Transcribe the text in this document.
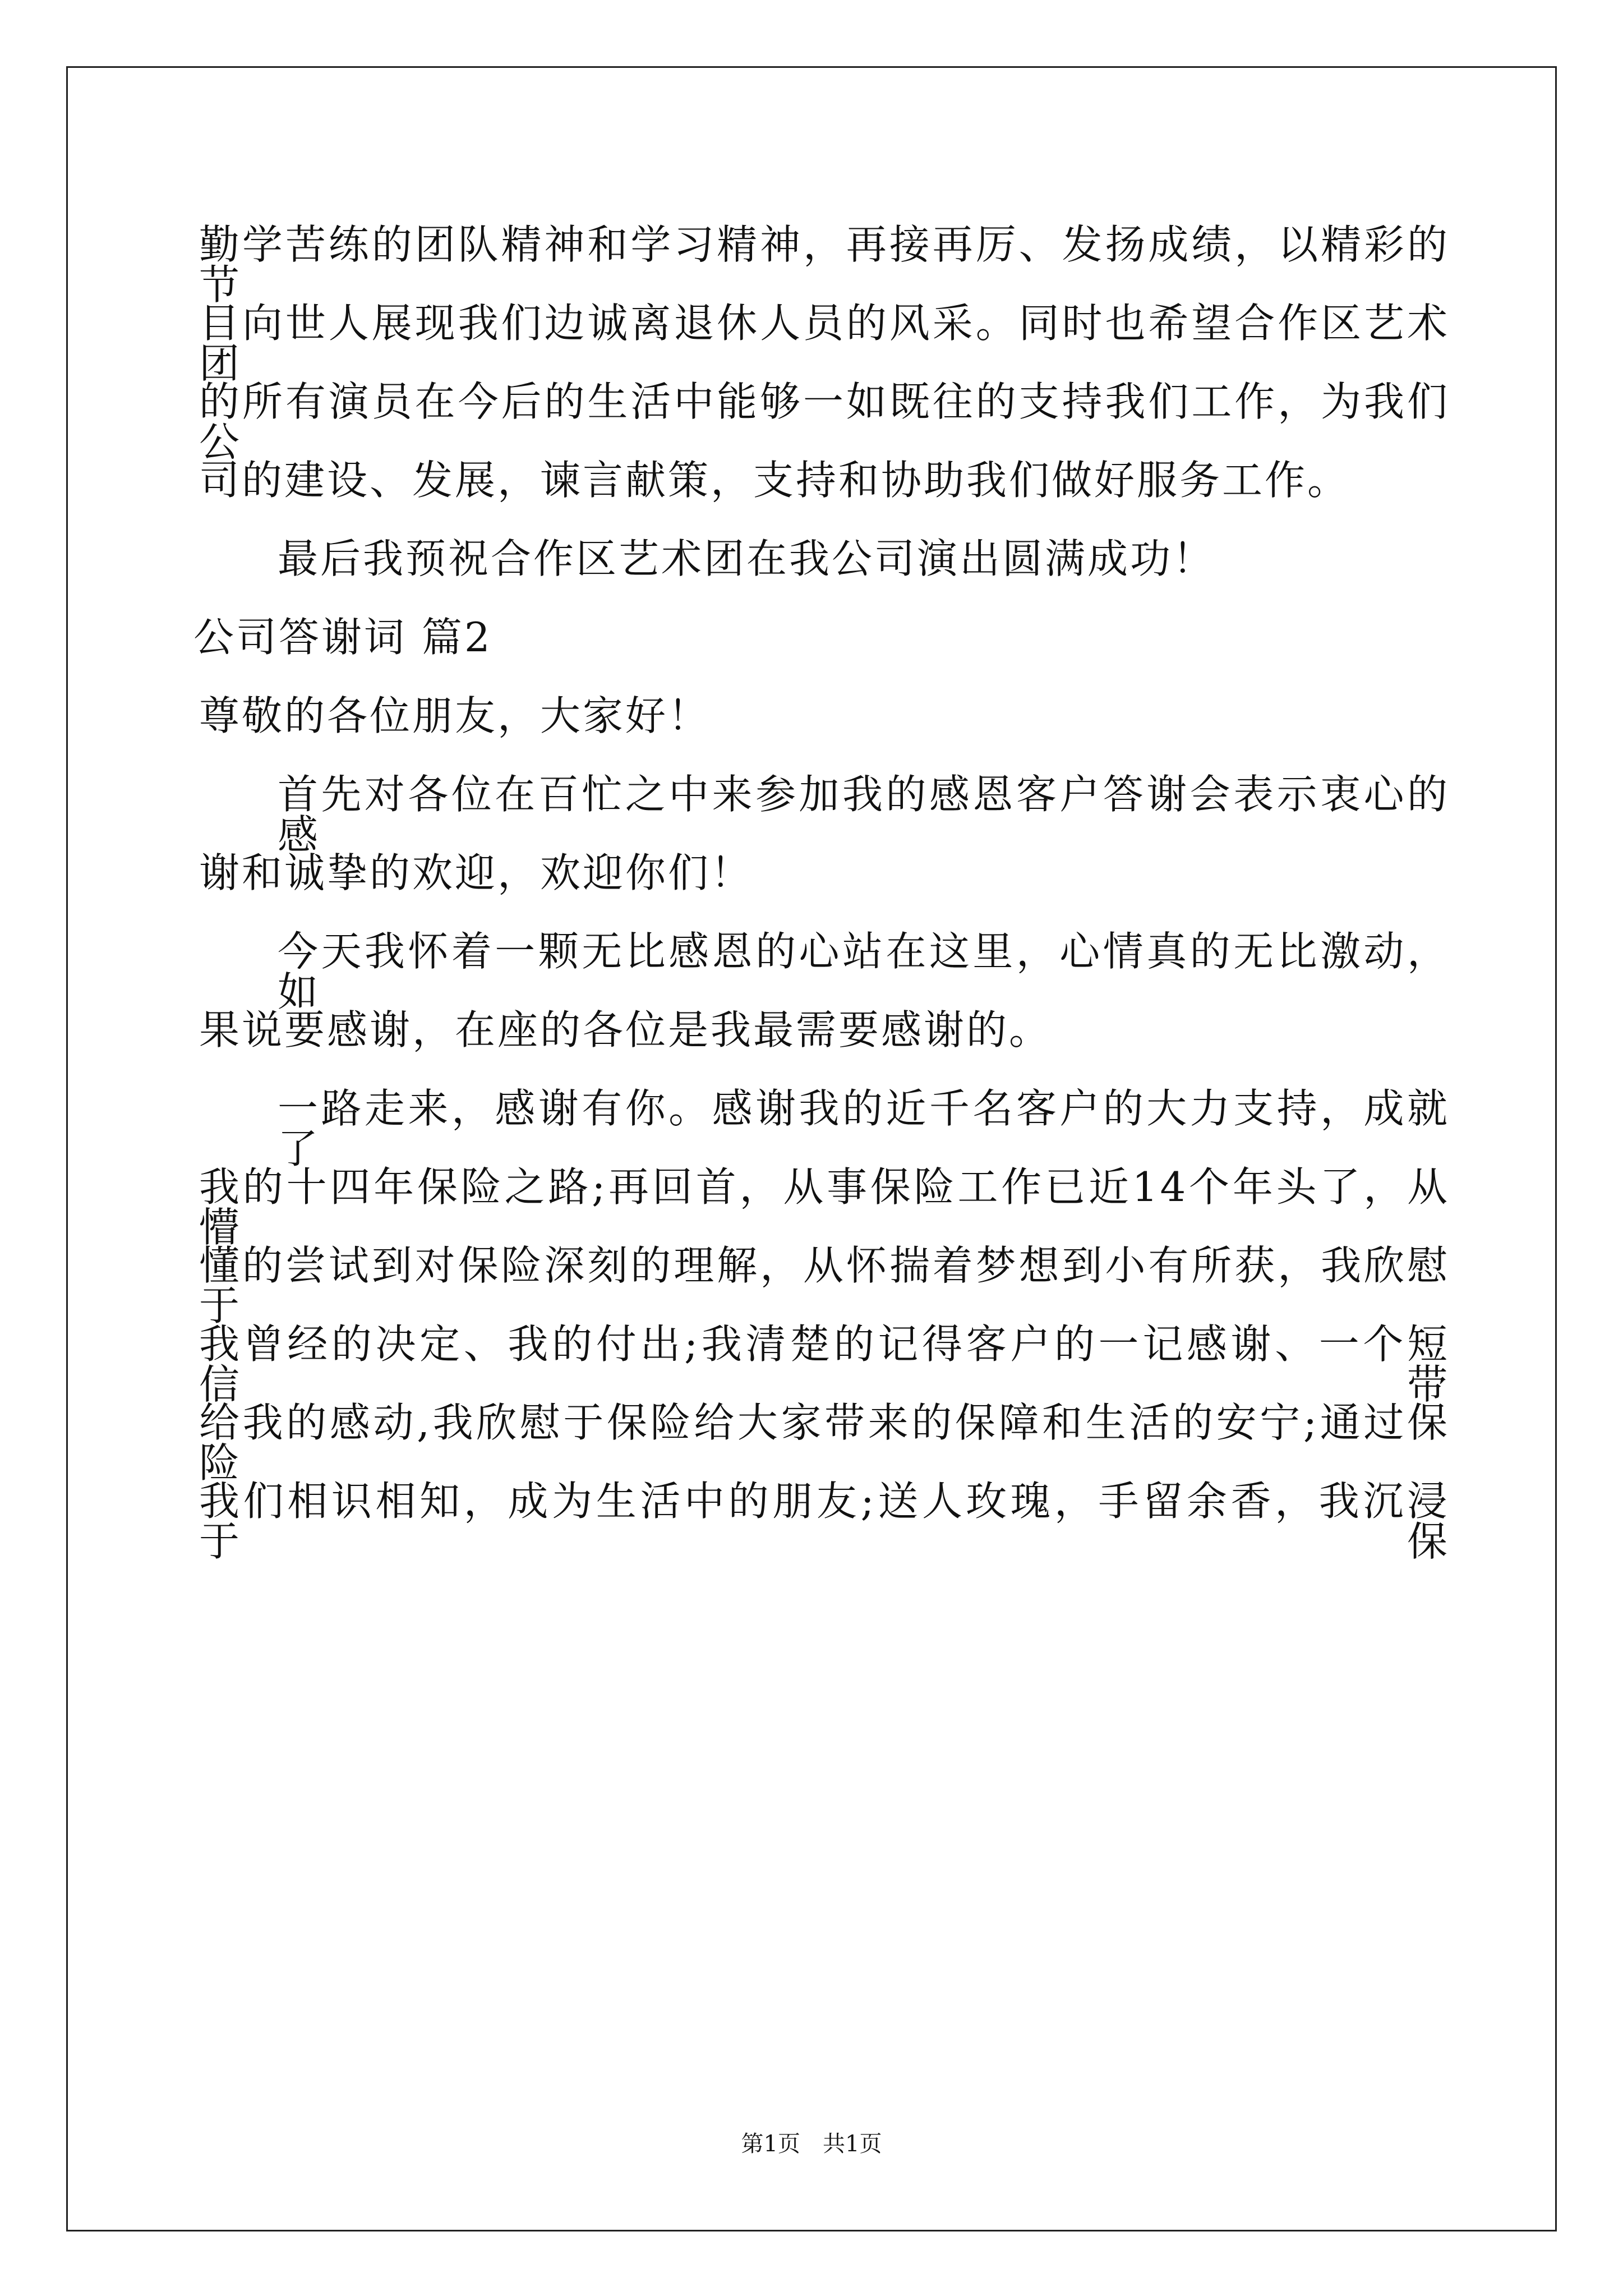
勤学苦练的团队精神和学习精神，再接再厉、发扬成绩，以精彩的节
目向世人展现我们边诚离退休人员的风采。同时也希望合作区艺术团
的所有演员在今后的生活中能够一如既往的支持我们工作，为我们公
司的建设、发展，谏言献策，支持和协助我们做好服务工作。
最后我预祝合作区艺术团在我公司演出圆满成功！
公司答谢词 篇2
尊敬的各位朋友，大家好！
首先对各位在百忙之中来参加我的感恩客户答谢会表示衷心的感
谢和诚挚的欢迎，欢迎你们！
今天我怀着一颗无比感恩的心站在这里，心情真的无比激动，如
果说要感谢，在座的各位是我最需要感谢的。
一路走来，感谢有你。感谢我的近千名客户的大力支持，成就了
我的十四年保险之路;再回首，从事保险工作已近14个年头了，从懵
懂的尝试到对保险深刻的理解，从怀揣着梦想到小有所获，我欣慰于
我曾经的决定、我的付出;我清楚的记得客户的一记感谢、一个短信带
给我的感动,我欣慰于保险给大家带来的保障和生活的安宁;通过保险
我们相识相知，成为生活中的朋友;送人玫瑰，手留余香，我沉浸于保
第1页 共1页
